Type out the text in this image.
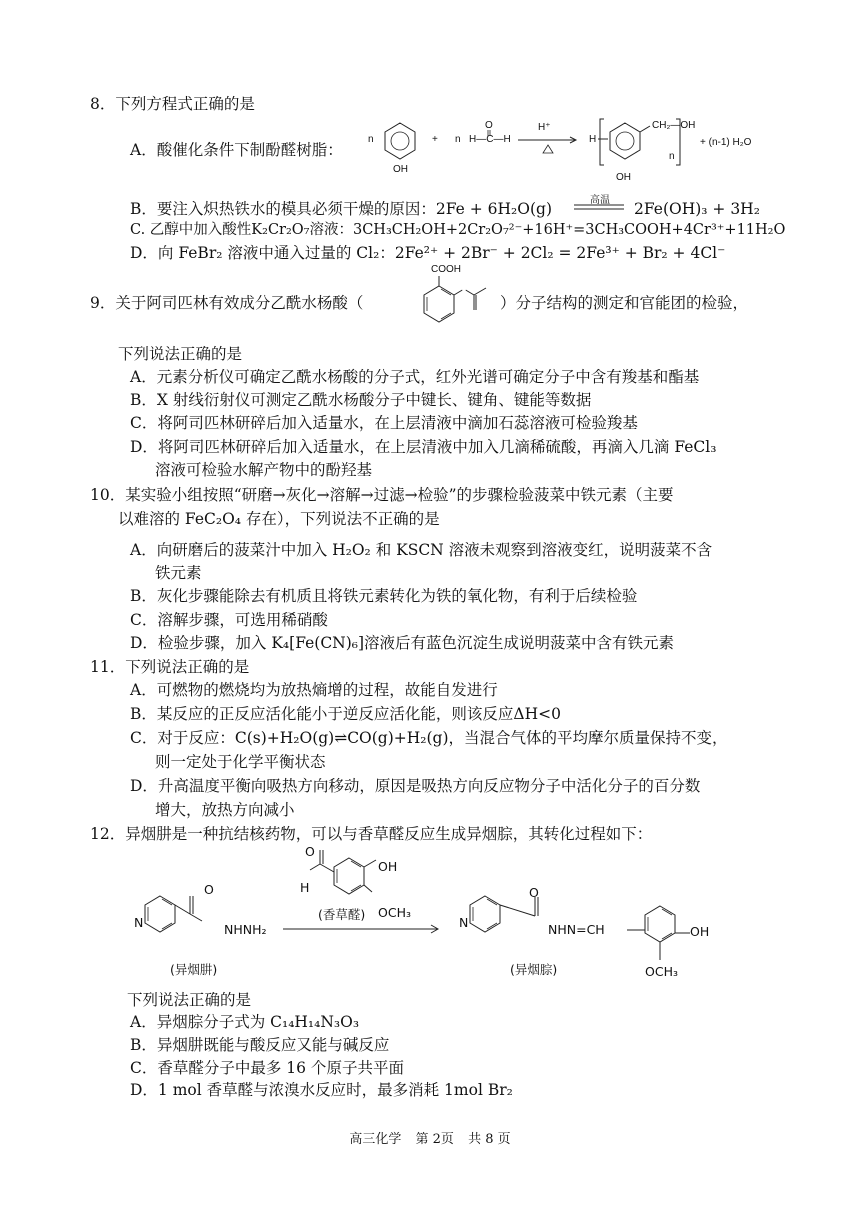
8．下列方程式正确的是
A．酸催化条件下制酚醛树脂：
n
OH
+ n
O
H—C—H
H⁺
→ H
CH₂—OH
n
OH
+ (n-1) H₂O
B．要注入炽热铁水的模具必须干燥的原因：2Fe + 6H₂O(g)	高温 2Fe(OH)₃ + 3H₂
C. 乙醇中加入酸性K₂Cr₂O₇溶液：3CH₃CH₂OH+2Cr₂O₇²⁻+16H⁺=3CH₃COOH+4Cr³⁺+11H₂O
D．向 FeBr₂ 溶液中通入过量的 Cl₂：2Fe²⁺ + 2Br⁻ + 2Cl₂ = 2Fe³⁺ + Br₂ + 4Cl⁻
9．关于阿司匹林有效成分乙酰水杨酸（
COOH
）分子结构的测定和官能团的检验，
下列说法正确的是
A．元素分析仪可确定乙酰水杨酸的分子式，红外光谱可确定分子中含有羧基和酯基
B．X 射线衍射仪可测定乙酰水杨酸分子中键长、键角、键能等数据
C．将阿司匹林研碎后加入适量水，在上层清液中滴加石蕊溶液可检验羧基
D．将阿司匹林研碎后加入适量水，在上层清液中加入几滴稀硫酸，再滴入几滴 FeCl₃
溶液可检验水解产物中的酚羟基
10．某实验小组按照“研磨→灰化→溶解→过滤→检验”的步骤检验菠菜中铁元素（主要
以难溶的 FeC₂O₄ 存在），下列说法不正确的是
A．向研磨后的菠菜汁中加入 H₂O₂ 和 KSCN 溶液未观察到溶液变红，说明菠菜不含
铁元素
B．灰化步骤能除去有机质且将铁元素转化为铁的氧化物，有利于后续检验
C．溶解步骤，可选用稀硝酸
D．检验步骤，加入 K₄[Fe(CN)₆]溶液后有蓝色沉淀生成说明菠菜中含有铁元素
11．下列说法正确的是
A．可燃物的燃烧均为放热熵增的过程，故能自发进行
B．某反应的正反应活化能小于逆反应活化能，则该反应ΔH<0
C．对于反应：C(s)+H₂O(g)⇌CO(g)+H₂(g)，当混合气体的平均摩尔质量保持不变，
则一定处于化学平衡状态
D．升高温度平衡向吸热方向移动，原因是吸热方向反应物分子中活化分子的百分数
增大，放热方向减小
12．异烟肼是一种抗结核药物，可以与香草醛反应生成异烟腙，其转化过程如下：
O
N	NHNH₂
(异烟肼)
O
H
OH
OCH₃
(香草醛)
O
N	NHN=CH	OH
OCH₃
(异烟腙)
下列说法正确的是
A．异烟腙分子式为 C₁₄H₁₄N₃O₃
B．异烟肼既能与酸反应又能与碱反应
C．香草醛分子中最多 16 个原子共平面
D．1 mol 香草醛与浓溴水反应时，最多消耗 1mol Br₂
高三化学 第 2页 共 8 页
